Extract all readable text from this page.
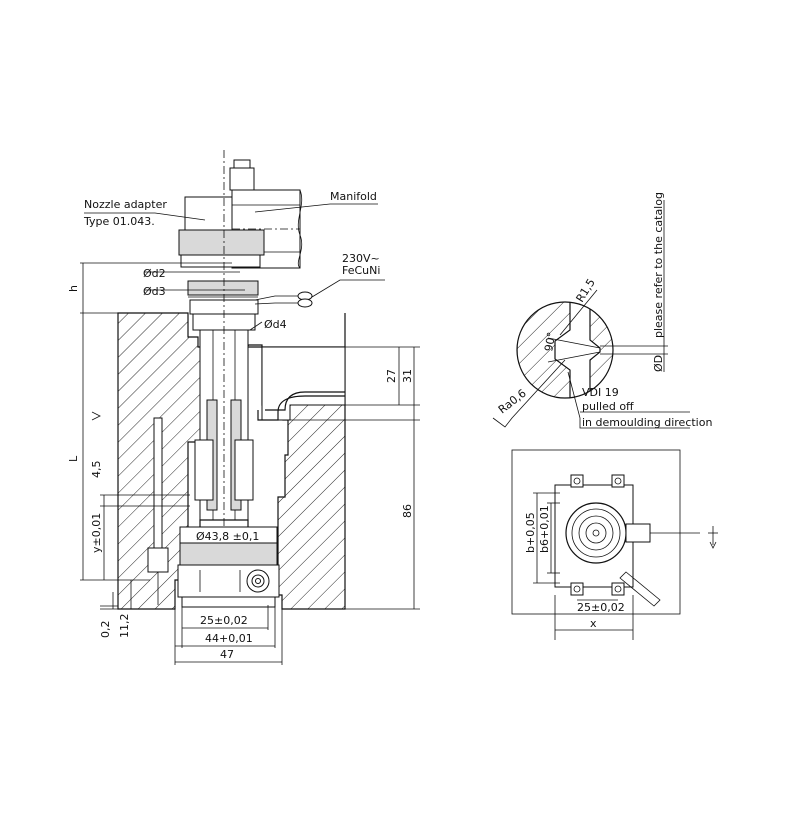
Nozzle adapter
Type 01.043.
Manifold
230V~
FeCuNi
Ød2
Ød3
Ød4
h
L
4,5
y±0,01
0,2 11,2
27 31
86
Ø43,8 ±0,1
25±0,02
44+0,01
47
please refer to the catalog
ØD
R1,5
90°
Ra0,6	VDI 19
pulled off
in demoulding direction
b+0,05 b6+0,01
25±0,02
x
